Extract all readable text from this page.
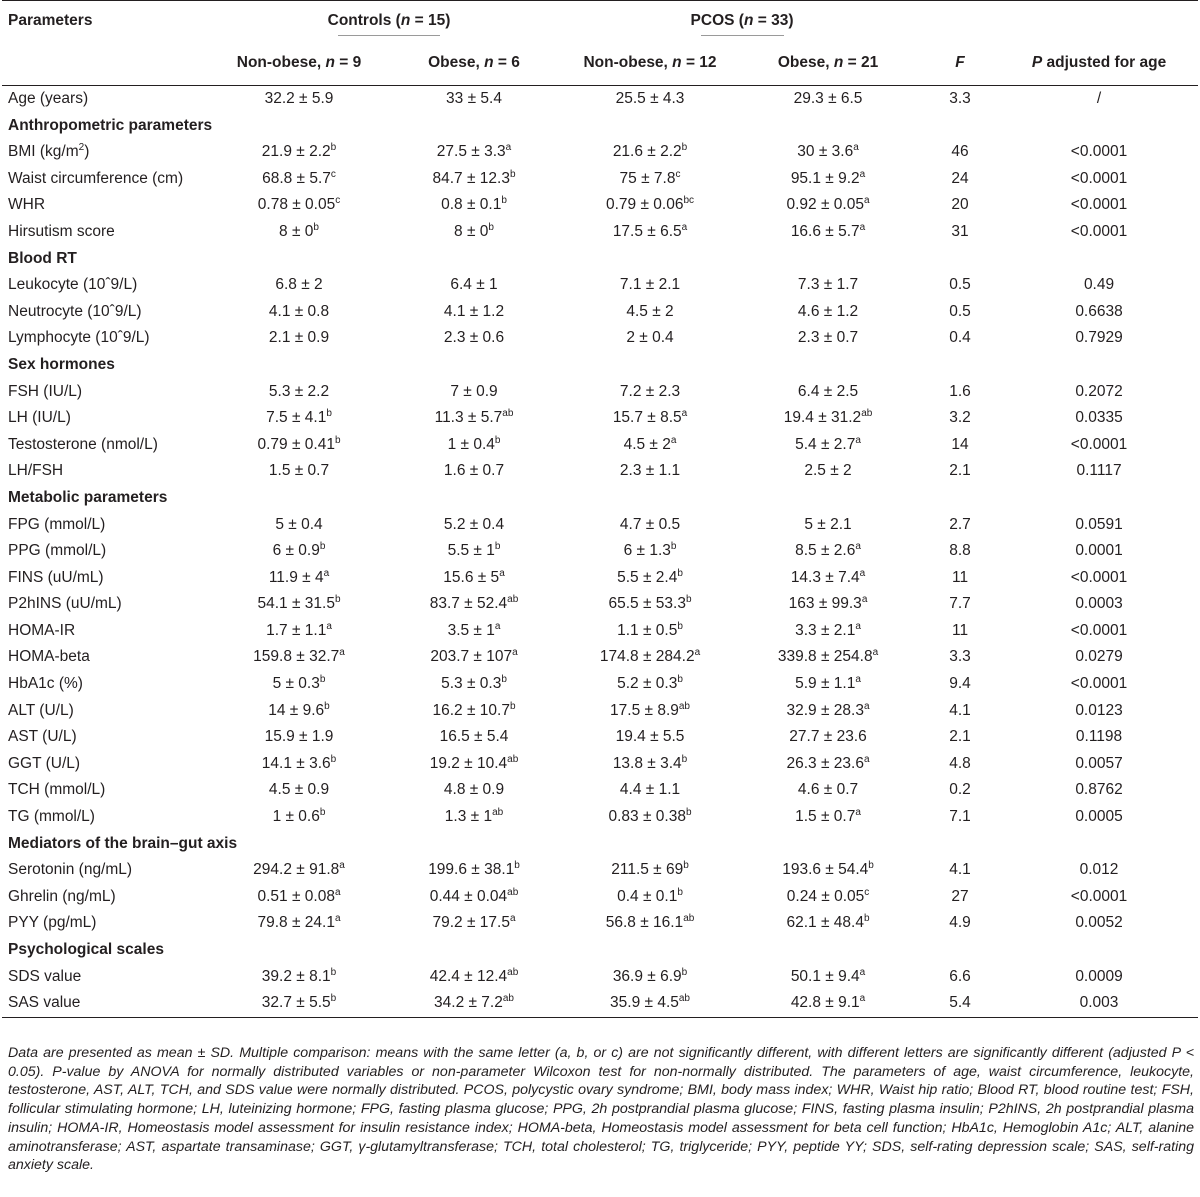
Parameters	Controls (n = 15)		PCOS (n = 33)			
	Non-obese, n = 9	Obese, n = 6	Non-obese, n = 12	Obese, n = 21	F	P adjusted for age
Age (years)	32.2 ± 5.9	33 ± 5.4	25.5 ± 4.3	29.3 ± 6.5	3.3	/
Anthropometric parameters						
BMI $(kg/m^2)$	21.9 ± 2.2$^b$	27.5 ± 3.3$^a$	21.6 ± 2.2$^b$	30 ± 3.6$^a$	46	<0.0001
Waist circumference (cm)	68.8 ± 5.7$^c$	84.7 ± 12.3$^b$	75 ± 7.8$^c$	95.1 ± 9.2$^a$	24	<0.0001
WHR	0.78 ± 0.05$^c$	0.8 ± 0.1$^b$	0.79 ± 0.06$^{bc}$	0.92 ± 0.05$^a$	20	<0.0001
Hirsutism score	$8 \pm 0^b$	$8 \pm 0^b$	17.5 ± 6.5$^a$	16.6 ± 5.7$^a$	31	<0.0001
Blood RT						
Leukocyte (10ˆ9/L)	6.8 ± 2	6.4 ± 1	7.1 ± 2.1	7.3 ± 1.7	0.5	0.49
Neutrocyte (10ˆ9/L)	4.1 ± 0.8	4.1 ± 1.2	4.5 ± 2	4.6 ± 1.2	0.5	0.6638
Lymphocyte (10ˆ9/L)	2.1 ± 0.9	2.3 ± 0.6	2 ± 0.4	2.3 ± 0.7	0.4	0.7929
Sex hormones						
FSH (IU/L)	5.3 ± 2.2	7 ± 0.9	7.2 ± 2.3	6.4 ± 2.5	1.6	0.2072
LH (IU/L)	7.5 ± 4.1$^b$	11.3 ± 5.7$^{ab}$	15.7 ± 8.5$^a$	19.4 ± 31.2$^{ab}$	3.2	0.0335
Testosterone (nmol/L)	0.79 ± 0.41$^b$	1 ± 0.4$^b$	$4.5 \pm 2^a$	5.4 ± 2.7$^a$	14	<0.0001
LH/FSH	1.5 ± 0.7	1.6 ± 0.7	2.3 ± 1.1	2.5 ± 2	2.1	0.1117
Metabolic parameters						
FPG (mmol/L)	5 ± 0.4	5.2 ± 0.4	4.7 ± 0.5	5 ± 2.1	2.7	0.0591
PPG (mmol/L)	6 ± 0.9$^b$	$5.5 \pm 1^b$	6 ± 1.3$^b$	8.5 ± 2.6$^a$	8.8	0.0001
FINS (uU/mL)	$11.9 \pm 4^a$	$15.6 \pm 5^a$	5.5 ± 2.4$^b$	14.3 ± 7.4$^a$	11	<0.0001
P2hINS (uU/mL)	54.1 ± 31.5$^b$	83.7 ± 52.4$^{ab}$	65.5 ± 53.3$^b$	163 ± 99.3$^a$	7.7	0.0003
HOMA-IR	1.7 ± 1.1$^a$	$3.5 \pm 1^a$	1.1 ± 0.5$^b$	3.3 ± 2.1$^a$	11	<0.0001
HOMA-beta	159.8 ± 32.7$^a$	$203.7 \pm 107^a$	174.8 ± 284.2$^a$	339.8 ± 254.8$^a$	3.3	0.0279
HbA1c (%)	5 ± 0.3$^b$	5.3 ± 0.3$^b$	5.2 ± 0.3$^b$	5.9 ± 1.1$^a$	9.4	<0.0001
ALT (U/L)	14 ± 9.6$^b$	16.2 ± 10.7$^b$	17.5 ± 8.9$^{ab}$	32.9 ± 28.3$^a$	4.1	0.0123
AST (U/L)	15.9 ± 1.9	16.5 ± 5.4	19.4 ± 5.5	27.7 ± 23.6	2.1	0.1198
GGT (U/L)	14.1 ± 3.6$^b$	19.2 ± 10.4$^{ab}$	13.8 ± 3.4$^b$	26.3 ± 23.6$^a$	4.8	0.0057
TCH (mmol/L)	4.5 ± 0.9	4.8 ± 0.9	4.4 ± 1.1	4.6 ± 0.7	0.2	0.8762
TG (mmol/L)	1 ± 0.6$^b$	$1.3 \pm 1^{ab}$	0.83 ± 0.38$^b$	1.5 ± 0.7$^a$	7.1	0.0005
Mediators of the brain–gut axis						
Serotonin (ng/mL)	294.2 ± 91.8$^a$	199.6 ± 38.1$^b$	$211.5 \pm 69^b$	193.6 ± 54.4$^b$	4.1	0.012
Ghrelin (ng/mL)	0.51 ± 0.08$^a$	0.44 ± 0.04$^{ab}$	0.4 ± 0.1$^b$	0.24 ± 0.05$^c$	27	<0.0001
PYY (pg/mL)	79.8 ± 24.1$^a$	79.2 ± 17.5$^a$	56.8 ± 16.1$^{ab}$	62.1 ± 48.4$^b$	4.9	0.0052
Psychological scales						
SDS value	39.2 ± 8.1$^b$	42.4 ± 12.4$^{ab}$	36.9 ± 6.9$^b$	50.1 ± 9.4$^a$	6.6	0.0009
SAS value	32.7 ± 5.5$^b$	34.2 ± 7.2$^{ab}$	35.9 ± 4.5$^{ab}$	42.8 ± 9.1$^a$	5.4	0.003
Data are presented as mean ± SD. Multiple comparison: means with the same letter (a, b, or c) are not significantly different, with different letters are significantly different (adjusted P < 0.05). P-value by ANOVA for normally distributed variables or non-parameter Wilcoxon test for non-normally distributed. The parameters of age, waist circumference, leukocyte, testosterone, AST, ALT, TCH, and SDS value were normally distributed. PCOS, polycystic ovary syndrome; BMI, body mass index; WHR, Waist hip ratio; Blood RT, blood routine test; FSH, follicular stimulating hormone; LH, luteinizing hormone; FPG, fasting plasma glucose; PPG, 2h postprandial plasma glucose; FINS, fasting plasma insulin; P2hINS, 2h postprandial plasma insulin; HOMA-IR, Homeostasis model assessment for insulin resistance index; HOMA-beta, Homeostasis model assessment for beta cell function; HbA1c, Hemoglobin A1c; ALT, alanine aminotransferase; AST, aspartate transaminase; GGT, γ-glutamyltransferase; TCH, total cholesterol; TG, triglyceride; PYY, peptide YY; SDS, self-rating depression scale; SAS, self-rating anxiety scale.
